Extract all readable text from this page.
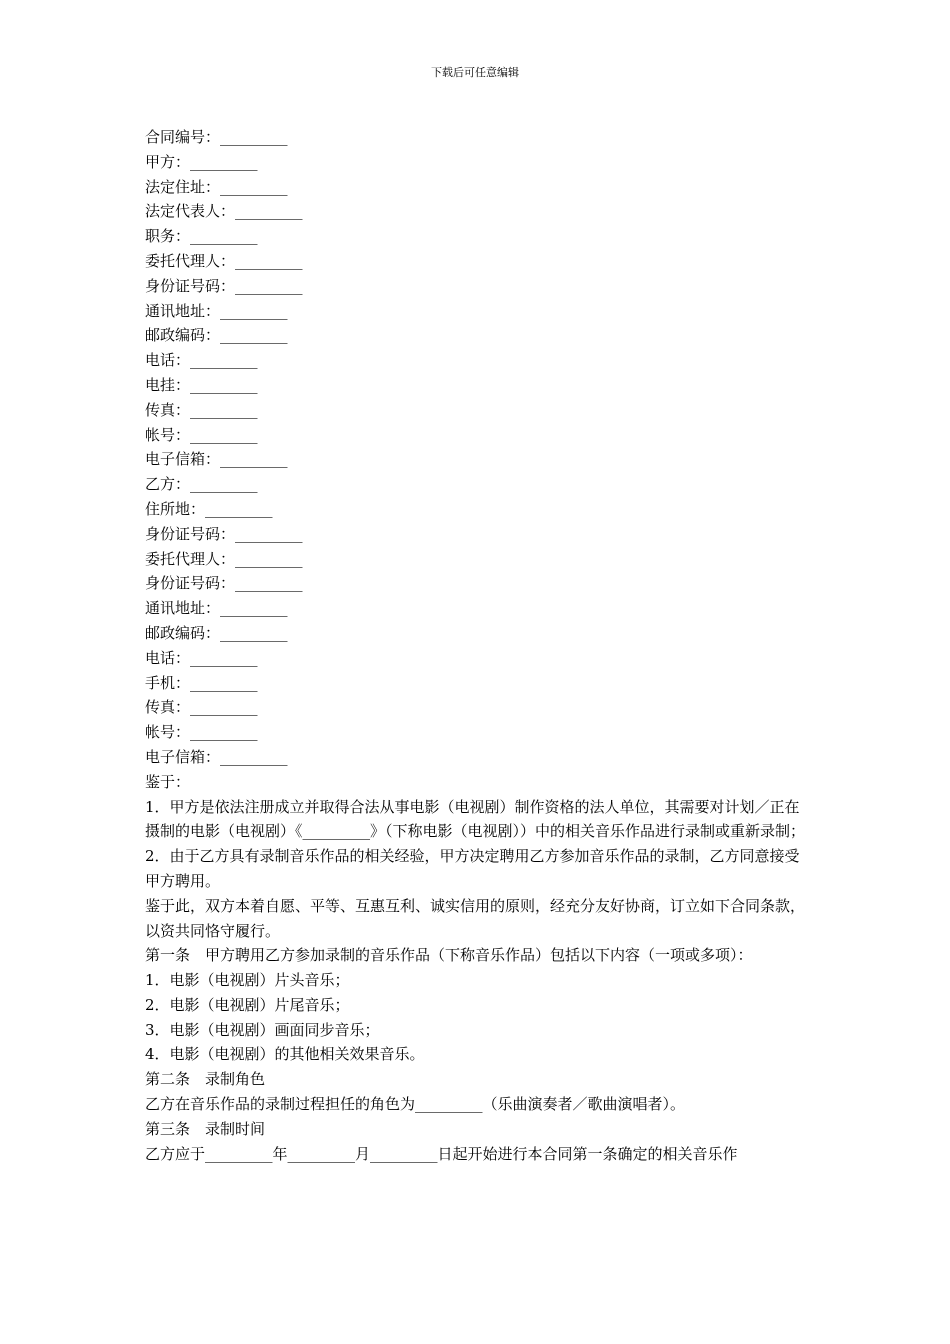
下载后可任意编辑
合同编号：_________
甲方：_________
法定住址：_________
法定代表人：_________
职务：_________
委托代理人：_________
身份证号码：_________
通讯地址：_________
邮政编码：_________
电话：_________
电挂：_________
传真：_________
帐号：_________
电子信箱：_________
乙方：_________
住所地：_________
身份证号码：_________
委托代理人：_________
身份证号码：_________
通讯地址：_________
邮政编码：_________
电话：_________
手机：_________
传真：_________
帐号：_________
电子信箱：_________
鉴于：
1．甲方是依法注册成立并取得合法从事电影（电视剧）制作资格的法人单位，其需要对计划／正在摄制的电影（电视剧）《_________》（下称电影（电视剧））中的相关音乐作品进行录制或重新录制；
2．由于乙方具有录制音乐作品的相关经验，甲方决定聘用乙方参加音乐作品的录制，乙方同意接受甲方聘用。
鉴于此，双方本着自愿、平等、互惠互利、诚实信用的原则，经充分友好协商，订立如下合同条款，以资共同恪守履行。
第一条　甲方聘用乙方参加录制的音乐作品（下称音乐作品）包括以下内容（一项或多项）：
1．电影（电视剧）片头音乐；
2．电影（电视剧）片尾音乐；
3．电影（电视剧）画面同步音乐；
4．电影（电视剧）的其他相关效果音乐。
第二条　录制角色
乙方在音乐作品的录制过程担任的角色为_________（乐曲演奏者／歌曲演唱者）。
第三条　录制时间
乙方应于_________年_________月_________日起开始进行本合同第一条确定的相关音乐作
